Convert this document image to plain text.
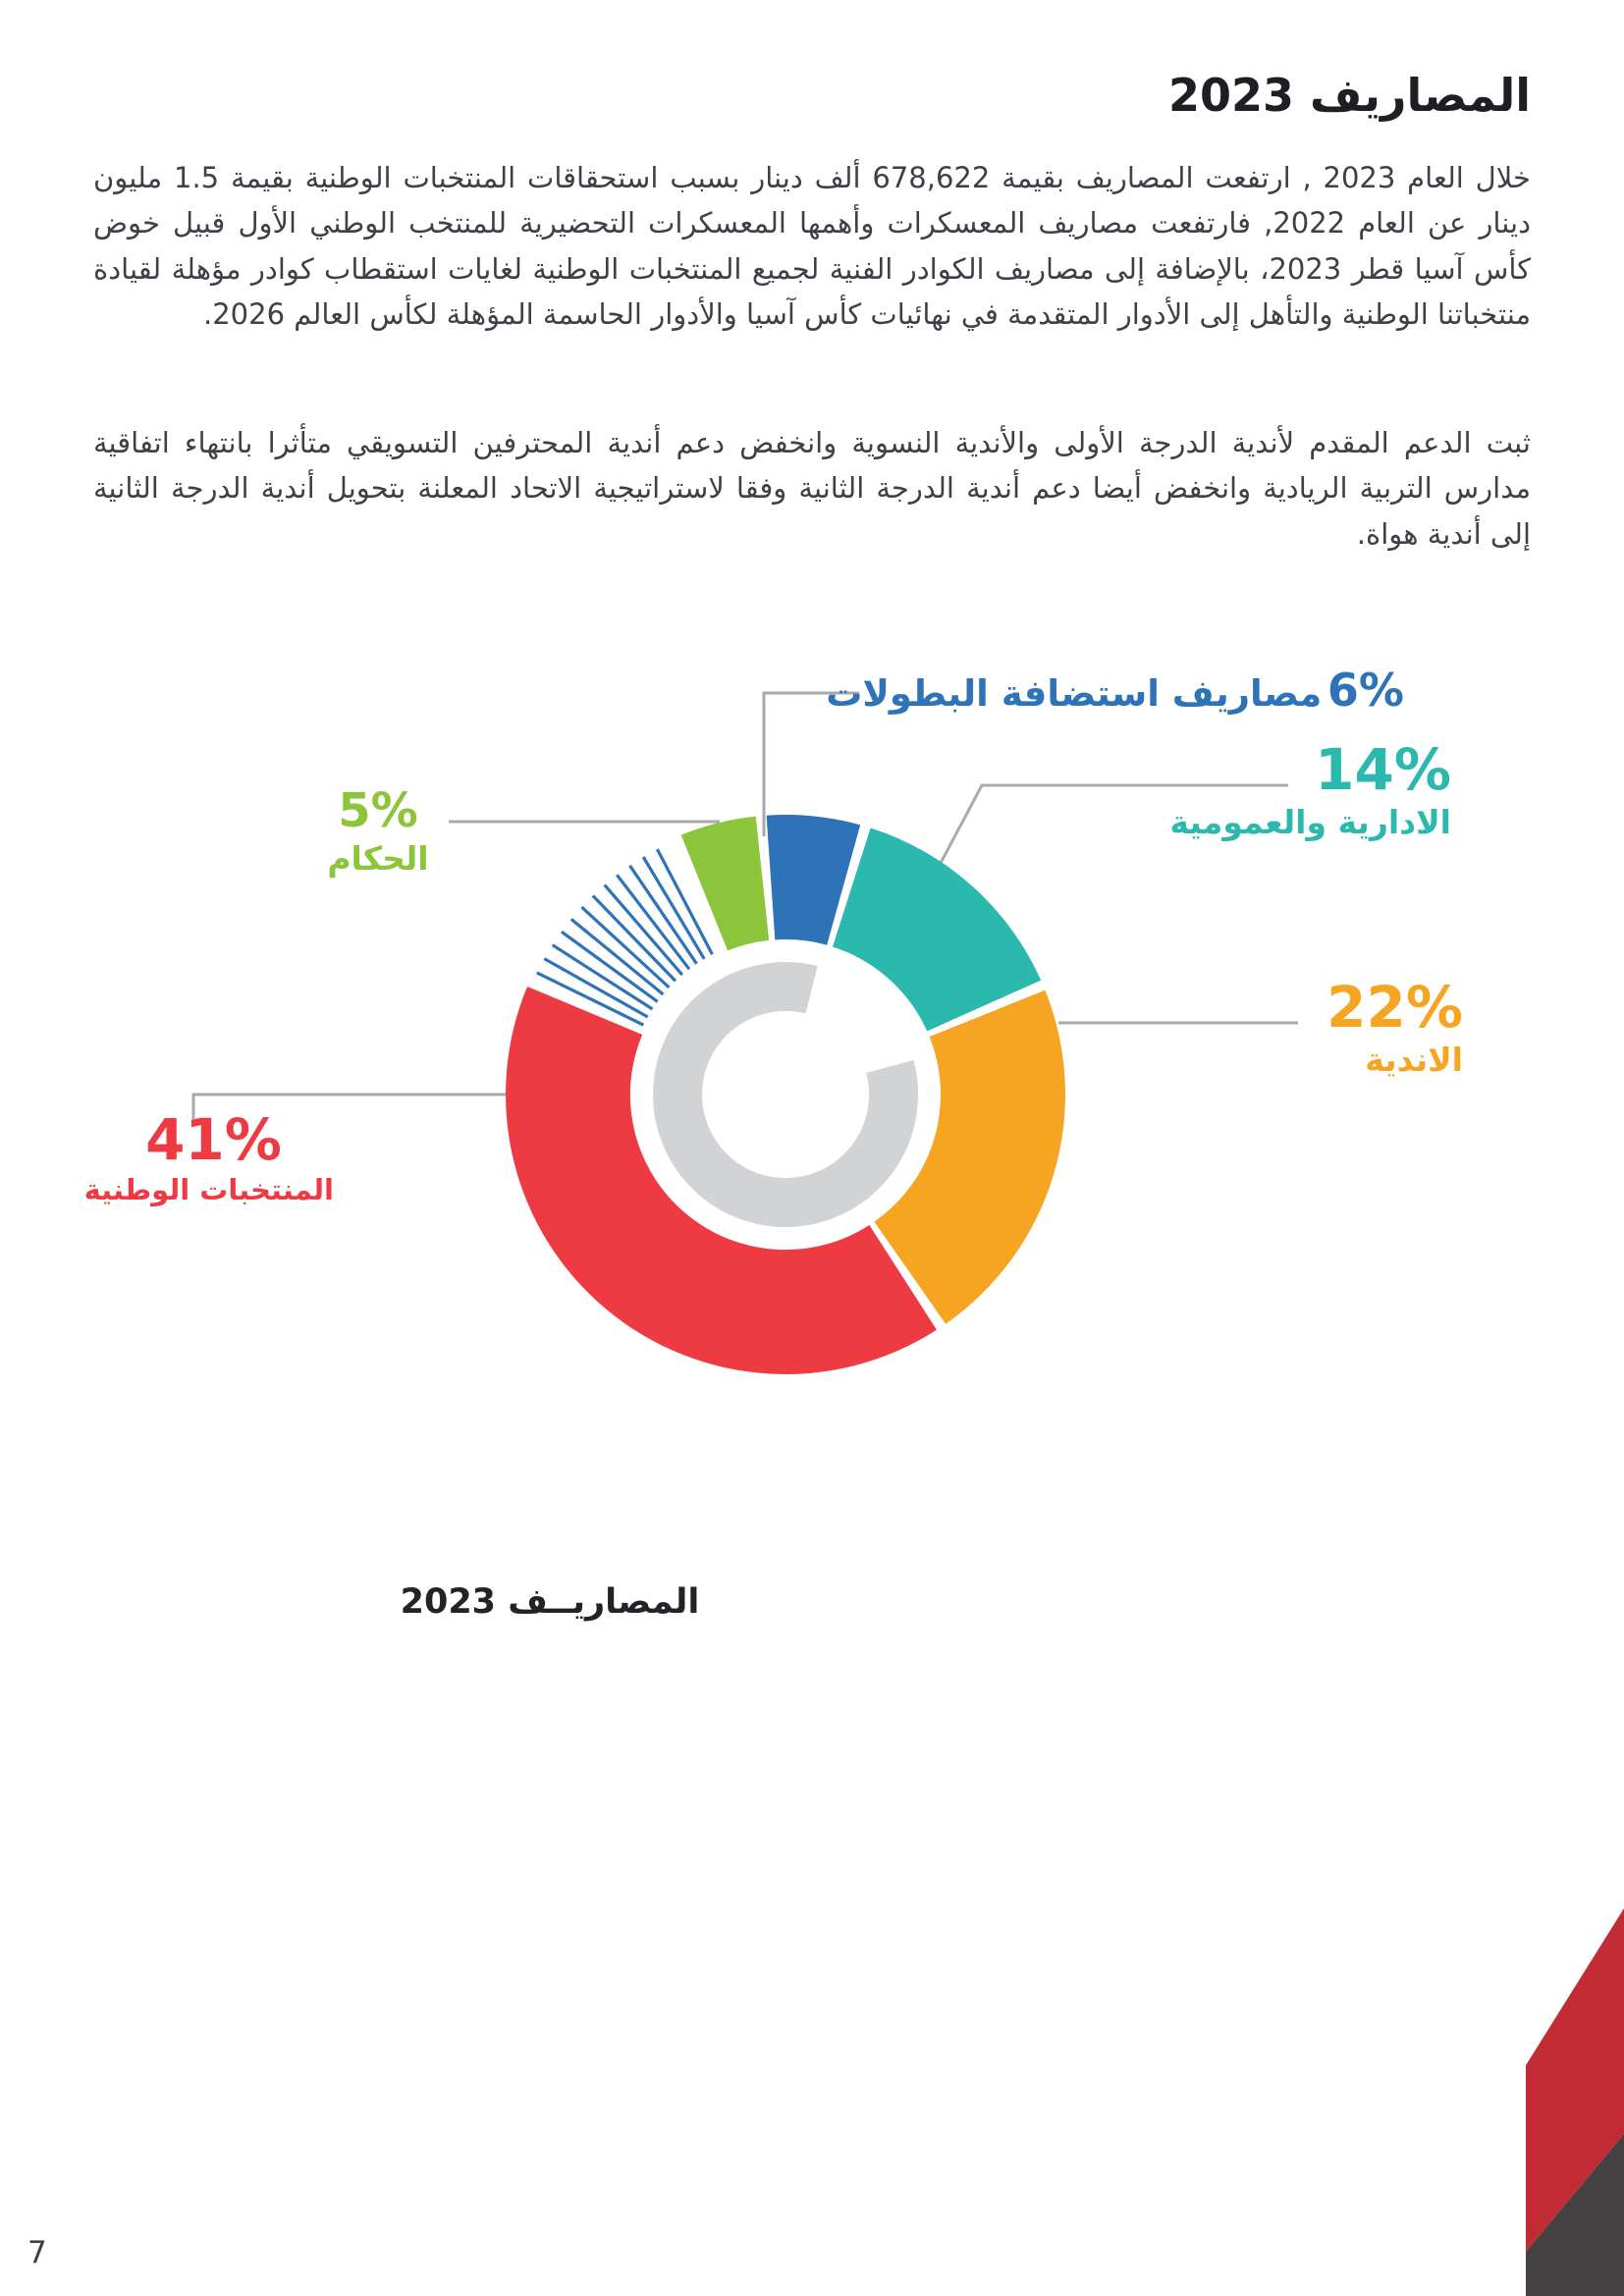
المصاريف 2023

خلال العام 2023 , ارتفعت المصاريف بقيمة 678,622 ألف دينار بسبب استحقاقات المنتخبات الوطنية بقيمة 1.5 مليون دينار عن العام 2022, فارتفعت مصاريف المعسكرات وأهمها المعسكرات التحضيرية للمنتخب الوطني الأول قبيل خوض كأس آسيا قطر 2023، بالإضافة إلى مصاريف الكوادر الفنية لجميع المنتخبات الوطنية لغايات استقطاب كوادر مؤهلة لقيادة منتخباتنا الوطنية والتأهل إلى الأدوار المتقدمة في نهائيات كأس آسيا والأدوار الحاسمة المؤهلة لكأس العالم 2026.

ثبت الدعم المقدم لأندية الدرجة الأولى والأندية النسوية وانخفض دعم أندية المحترفين التسويقي متأثرا بانتهاء اتفاقية مدارس التربية الريادية وانخفض أيضا دعم أندية الدرجة الثانية وفقا لاستراتيجية الاتحاد المعلنة بتحويل أندية الدرجة الثانية إلى أندية هواة.

6% مصاريف استضافة البطولات
14%
الادارية والعمومية
22%
الاندية
41%
المنتخبات الوطنية
5%
الحكام
المصاريــف 2023
7
